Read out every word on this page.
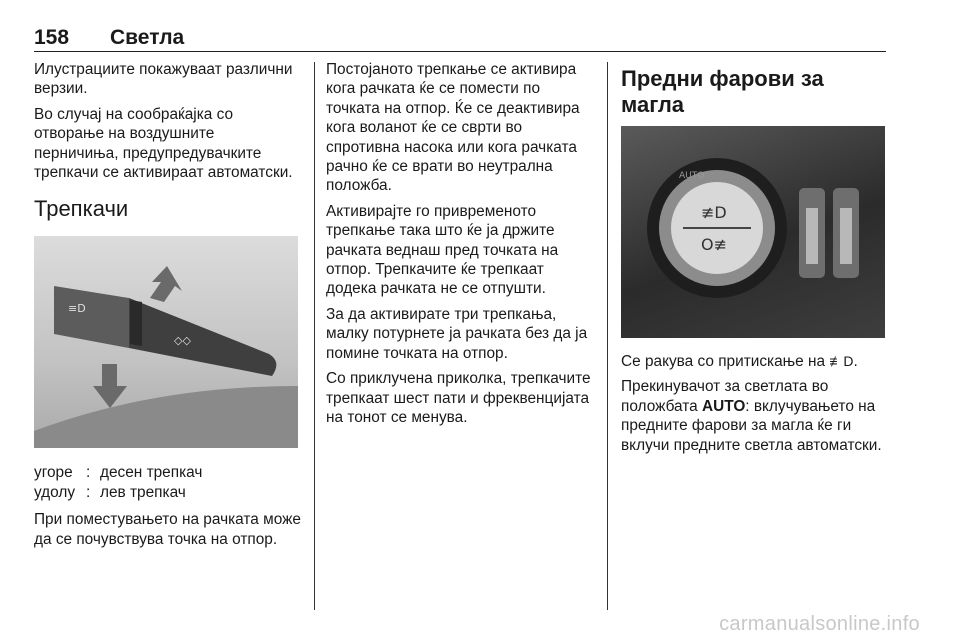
158 Светла

Илустрациите покажуваат различни верзии.

Во случај на сообраќајка со отворање на воздушните перничиња, предупредувачките трепкачи се активираат автоматски.

Трепкачи
≡D
◇◇
угоре : десен трепкач
удолу : лев трепкач

При поместувањето на рачката може да се почувствува точка на отпор.

Постојаното трепкање се активира кога рачката ќе се помести по точката на отпор. Ќе се деактивира кога воланот ќе се сврти во спротивна насока или кога рачката рачно ќе се врати во неутрална положба.

Активирајте го привременото трепкање така што ќе ја држите рачката веднаш пред точката на отпор. Трепкачите ќе трепкаат додека рачката не се отпушти.

За да активирате три трепкања, малку потурнете ја рачката без да ја помине точката на отпор.

Со приклучена приколка, трепкачите трепкаат шест пати и фреквенцијата на тонот се менува.

Предни фарови за магла
≢D
O≢
AUTO

Се ракува со притискање на ≢D.

Прекинувачот за светлата во положбата AUTO: вклучувањето на предните фарови за магла ќе ги вклучи предните светла автоматски.

carmanualsonline.info
